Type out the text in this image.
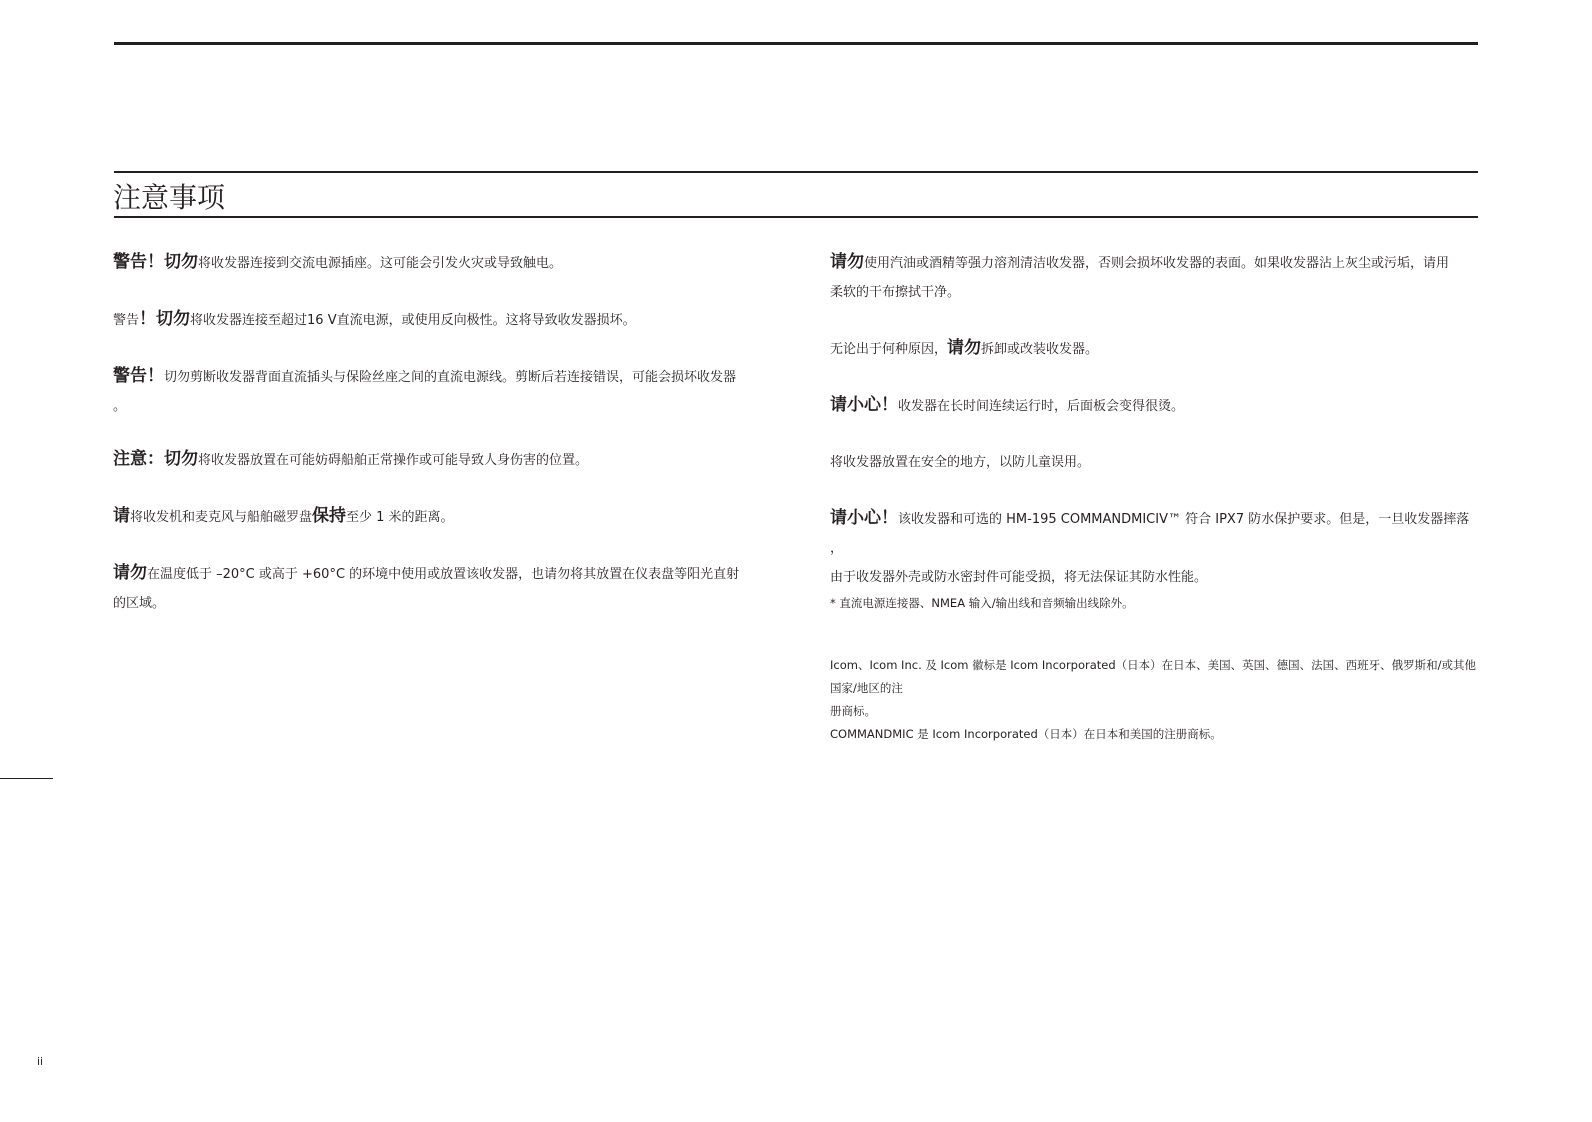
注意事项

警告！切勿将收发器连接到交流电源插座。这可能会引发火灾或导致触电。

警告！切勿将收发器连接至超过16 V直流电源，或使用反向极性。这将导致收发器损坏。

警告！切勿剪断收发器背面直流插头与保险丝座之间的直流电源线。剪断后若连接错误，可能会损坏收发器
。

注意：切勿将收发器放置在可能妨碍船舶正常操作或可能导致人身伤害的位置。

请将收发机和麦克风与船舶磁罗盘保持至少 1 米的距离。

请勿在温度低于 –20°C 或高于 +60°C 的环境中使用或放置该收发器，也请勿将其放置在仪表盘等阳光直射
的区域。

请勿使用汽油或酒精等强力溶剂清洁收发器，否则会损坏收发器的表面。如果收发器沾上灰尘或污垢，请用
柔软的干布擦拭干净。

无论出于何种原因，请勿拆卸或改装收发器。

请小心！收发器在长时间连续运行时，后面板会变得很烫。

将收发器放置在安全的地方，以防儿童误用。

请小心！该收发器和可选的 HM-195 COMMANDMICIV™ 符合 IPX7 防水保护要求。但是，一旦收发器摔落
，
由于收发器外壳或防水密封件可能受损，将无法保证其防水性能。

* 直流电源连接器、NMEA 输入/输出线和音频输出线除外。

Icom、Icom Inc. 及 Icom 徽标是 Icom Incorporated（日本）在日本、美国、英国、德国、法国、西班牙、俄罗斯和/或其他国家/地区的注

册商标。

COMMANDMIC 是 Icom Incorporated（日本）在日本和美国的注册商标。

ii
